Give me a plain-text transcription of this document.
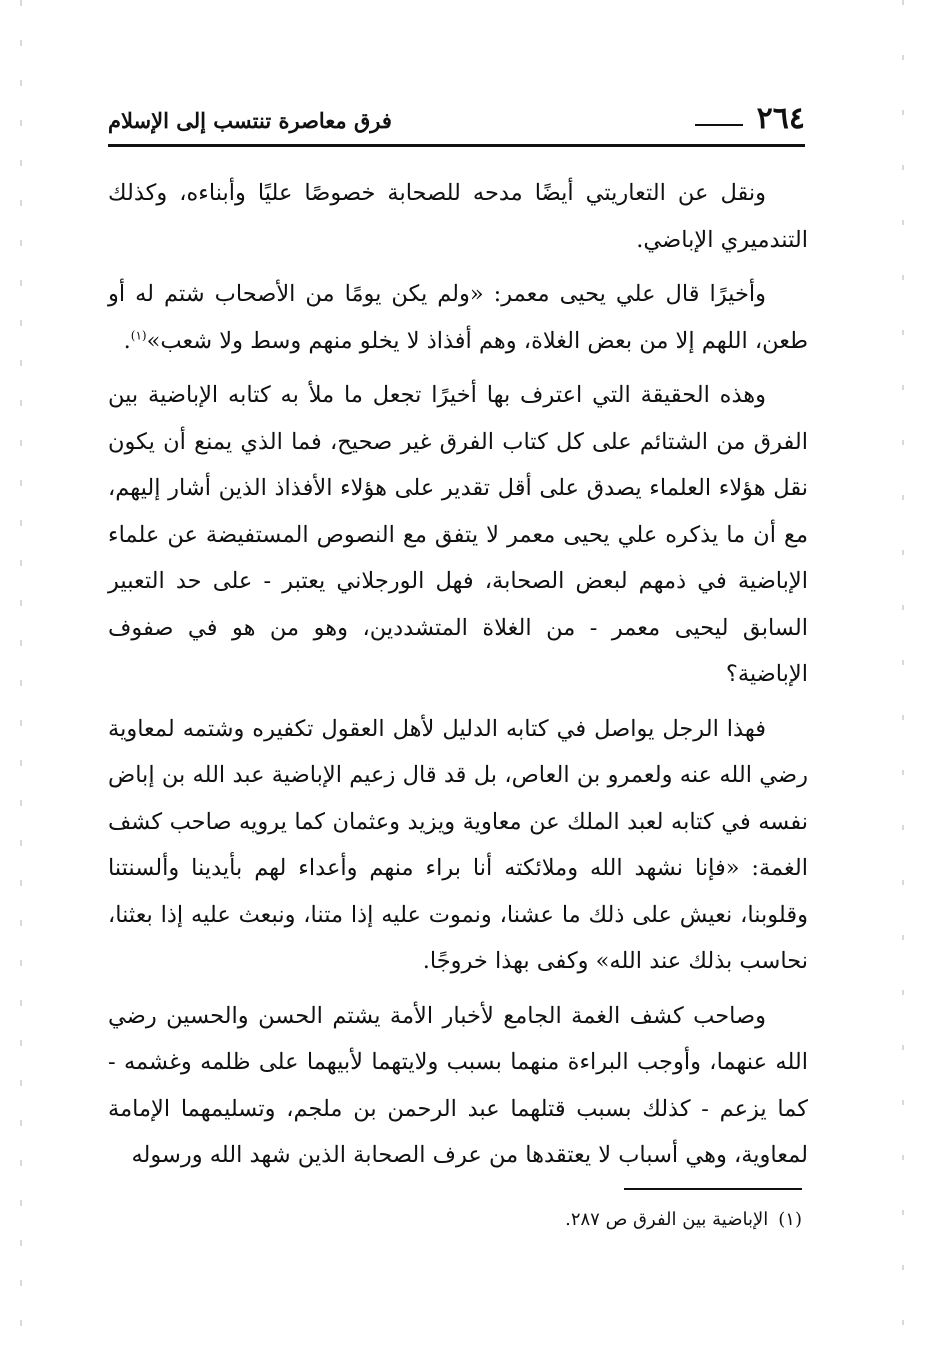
٢٦٤
فرق معاصرة تنتسب إلى الإسلام

ونقل عن التعاريتي أيضًا مدحه للصحابة خصوصًا عليًا وأبناءه، وكذلك التندميري الإباضي.

وأخيرًا قال علي يحيى معمر: «ولم يكن يومًا من الأصحاب شتم له أو طعن، اللهم إلا من بعض الغلاة، وهم أفذاذ لا يخلو منهم وسط ولا شعب»$^{(١)}$.

وهذه الحقيقة التي اعترف بها أخيرًا تجعل ما ملأ به كتابه الإباضية بين الفرق من الشتائم على كل كتاب الفرق غير صحيح، فما الذي يمنع أن يكون نقل هؤلاء العلماء يصدق على أقل تقدير على هؤلاء الأفذاذ الذين أشار إليهم، مع أن ما يذكره علي يحيى معمر لا يتفق مع النصوص المستفيضة عن علماء الإباضية في ذمهم لبعض الصحابة، فهل الورجلاني يعتبر - على حد التعبير السابق ليحيى معمر - من الغلاة المتشددين، وهو من هو في صفوف الإباضية؟

فهذا الرجل يواصل في كتابه الدليل لأهل العقول تكفيره وشتمه لمعاوية رضي الله عنه ولعمرو بن العاص، بل قد قال زعيم الإباضية عبد الله بن إباض نفسه في كتابه لعبد الملك عن معاوية ويزيد وعثمان كما يرويه صاحب كشف الغمة: «فإنا نشهد الله وملائكته أنا براء منهم وأعداء لهم بأيدينا وألسنتنا وقلوبنا، نعيش على ذلك ما عشنا، ونموت عليه إذا متنا، ونبعث عليه إذا بعثنا، نحاسب بذلك عند الله» وكفى بهذا خروجًا.

وصاحب كشف الغمة الجامع لأخبار الأمة يشتم الحسن والحسين رضي الله عنهما، وأوجب البراءة منهما بسبب ولايتهما لأبيهما على ظلمه وغشمه - كما يزعم - كذلك بسبب قتلهما عبد الرحمن بن ملجم، وتسليمهما الإمامة لمعاوية، وهي أسباب لا يعتقدها من عرف الصحابة الذين شهد الله ورسوله

(١)الإباضية بين الفرق ص ٢٨٧.
